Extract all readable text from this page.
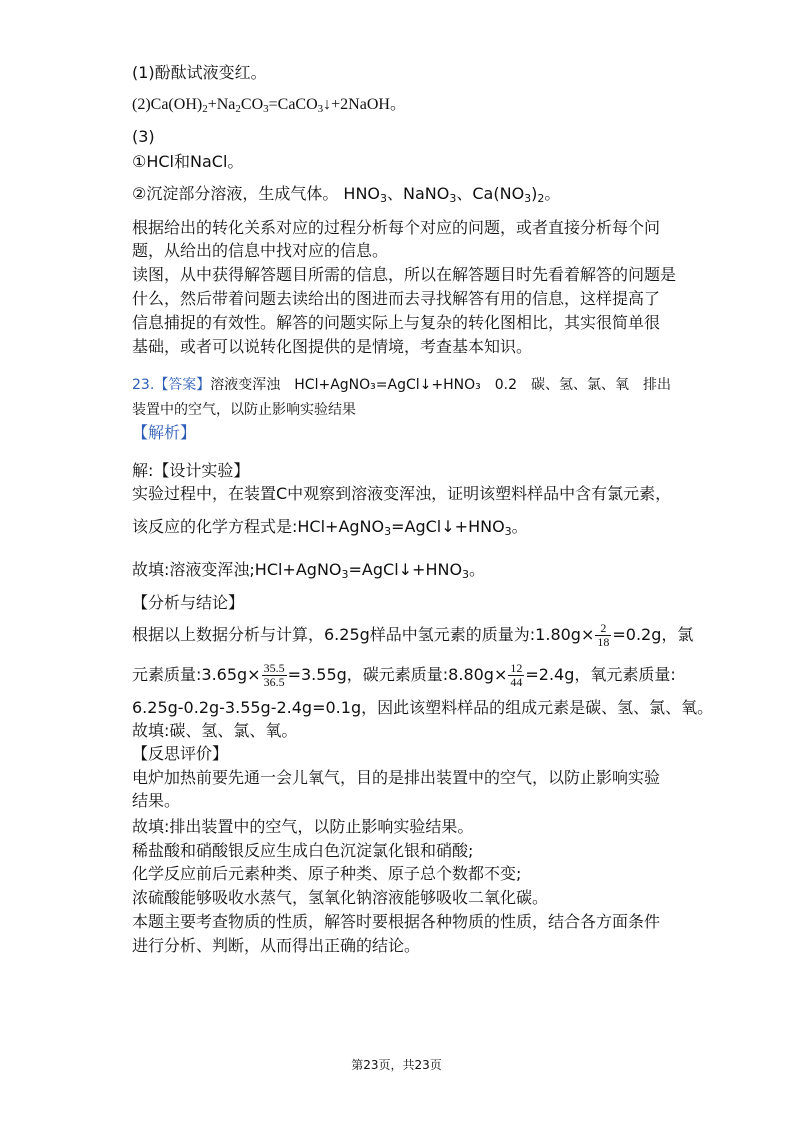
(1)酚酞试液变红。
$(2)Ca(OH)_2+Na_2CO_3=CaCO_3↓+2NaOH$。
(3)
①HCl和NaCl。
②沉淀部分溶液，生成气体。 $HNO_3$、NaNO$_3$、$Ca(NO_3)_2$。
根据给出的转化关系对应的过程分析每个对应的问题，或者直接分析每个问
题，从给出的信息中找对应的信息。
读图，从中获得解答题目所需的信息，所以在解答题目时先看着解答的问题是
什么，然后带着问题去读给出的图进而去寻找解答有用的信息，这样提高了
信息捕捉的有效性。解答的问题实际上与复杂的转化图相比，其实很简单很
基础，或者可以说转化图提供的是情境，考查基本知识。
23.【答案】溶液变浑浊　HCl+AgNO₃=AgCl↓+HNO₃　0.2　碳、氢、氯、氧　排出
装置中的空气，以防止影响实验结果
【解析】
解:【设计实验】
实验过程中，在装置C中观察到溶液变浑浊，证明该塑料样品中含有氯元素，
该反应的化学方程式是$:HCl+AgNO_3=AgCl↓+HNO_3$。
故填:溶液变浑浊$;HCl+AgNO_3=AgCl↓+HNO_3$。
【分析与结论】
根据以上数据分析与计算，6.25g样品中氢元素的质量为:1.80g× $\frac{2}{18} =0.2g$，氯
元素质量:3.65g× $\frac{35.5}{36.5} =3.55g$，碳元素质量:8.80g× $\frac{12}{44} =2.4g$，氧元素质量:
6.25g-0.2g-3.55g-2.4g=0.1g，因此该塑料样品的组成元素是碳、氢、氯、氧。
故填:碳、氢、氯、氧。
【反思评价】
电炉加热前要先通一会儿氧气，目的是排出装置中的空气，以防止影响实验
结果。
故填:排出装置中的空气，以防止影响实验结果。
稀盐酸和硝酸银反应生成白色沉淀氯化银和硝酸;
化学反应前后元素种类、原子种类、原子总个数都不变;
浓硫酸能够吸收水蒸气，氢氧化钠溶液能够吸收二氧化碳。
本题主要考查物质的性质，解答时要根据各种物质的性质，结合各方面条件
进行分析、判断，从而得出正确的结论。
第23页，共23页
